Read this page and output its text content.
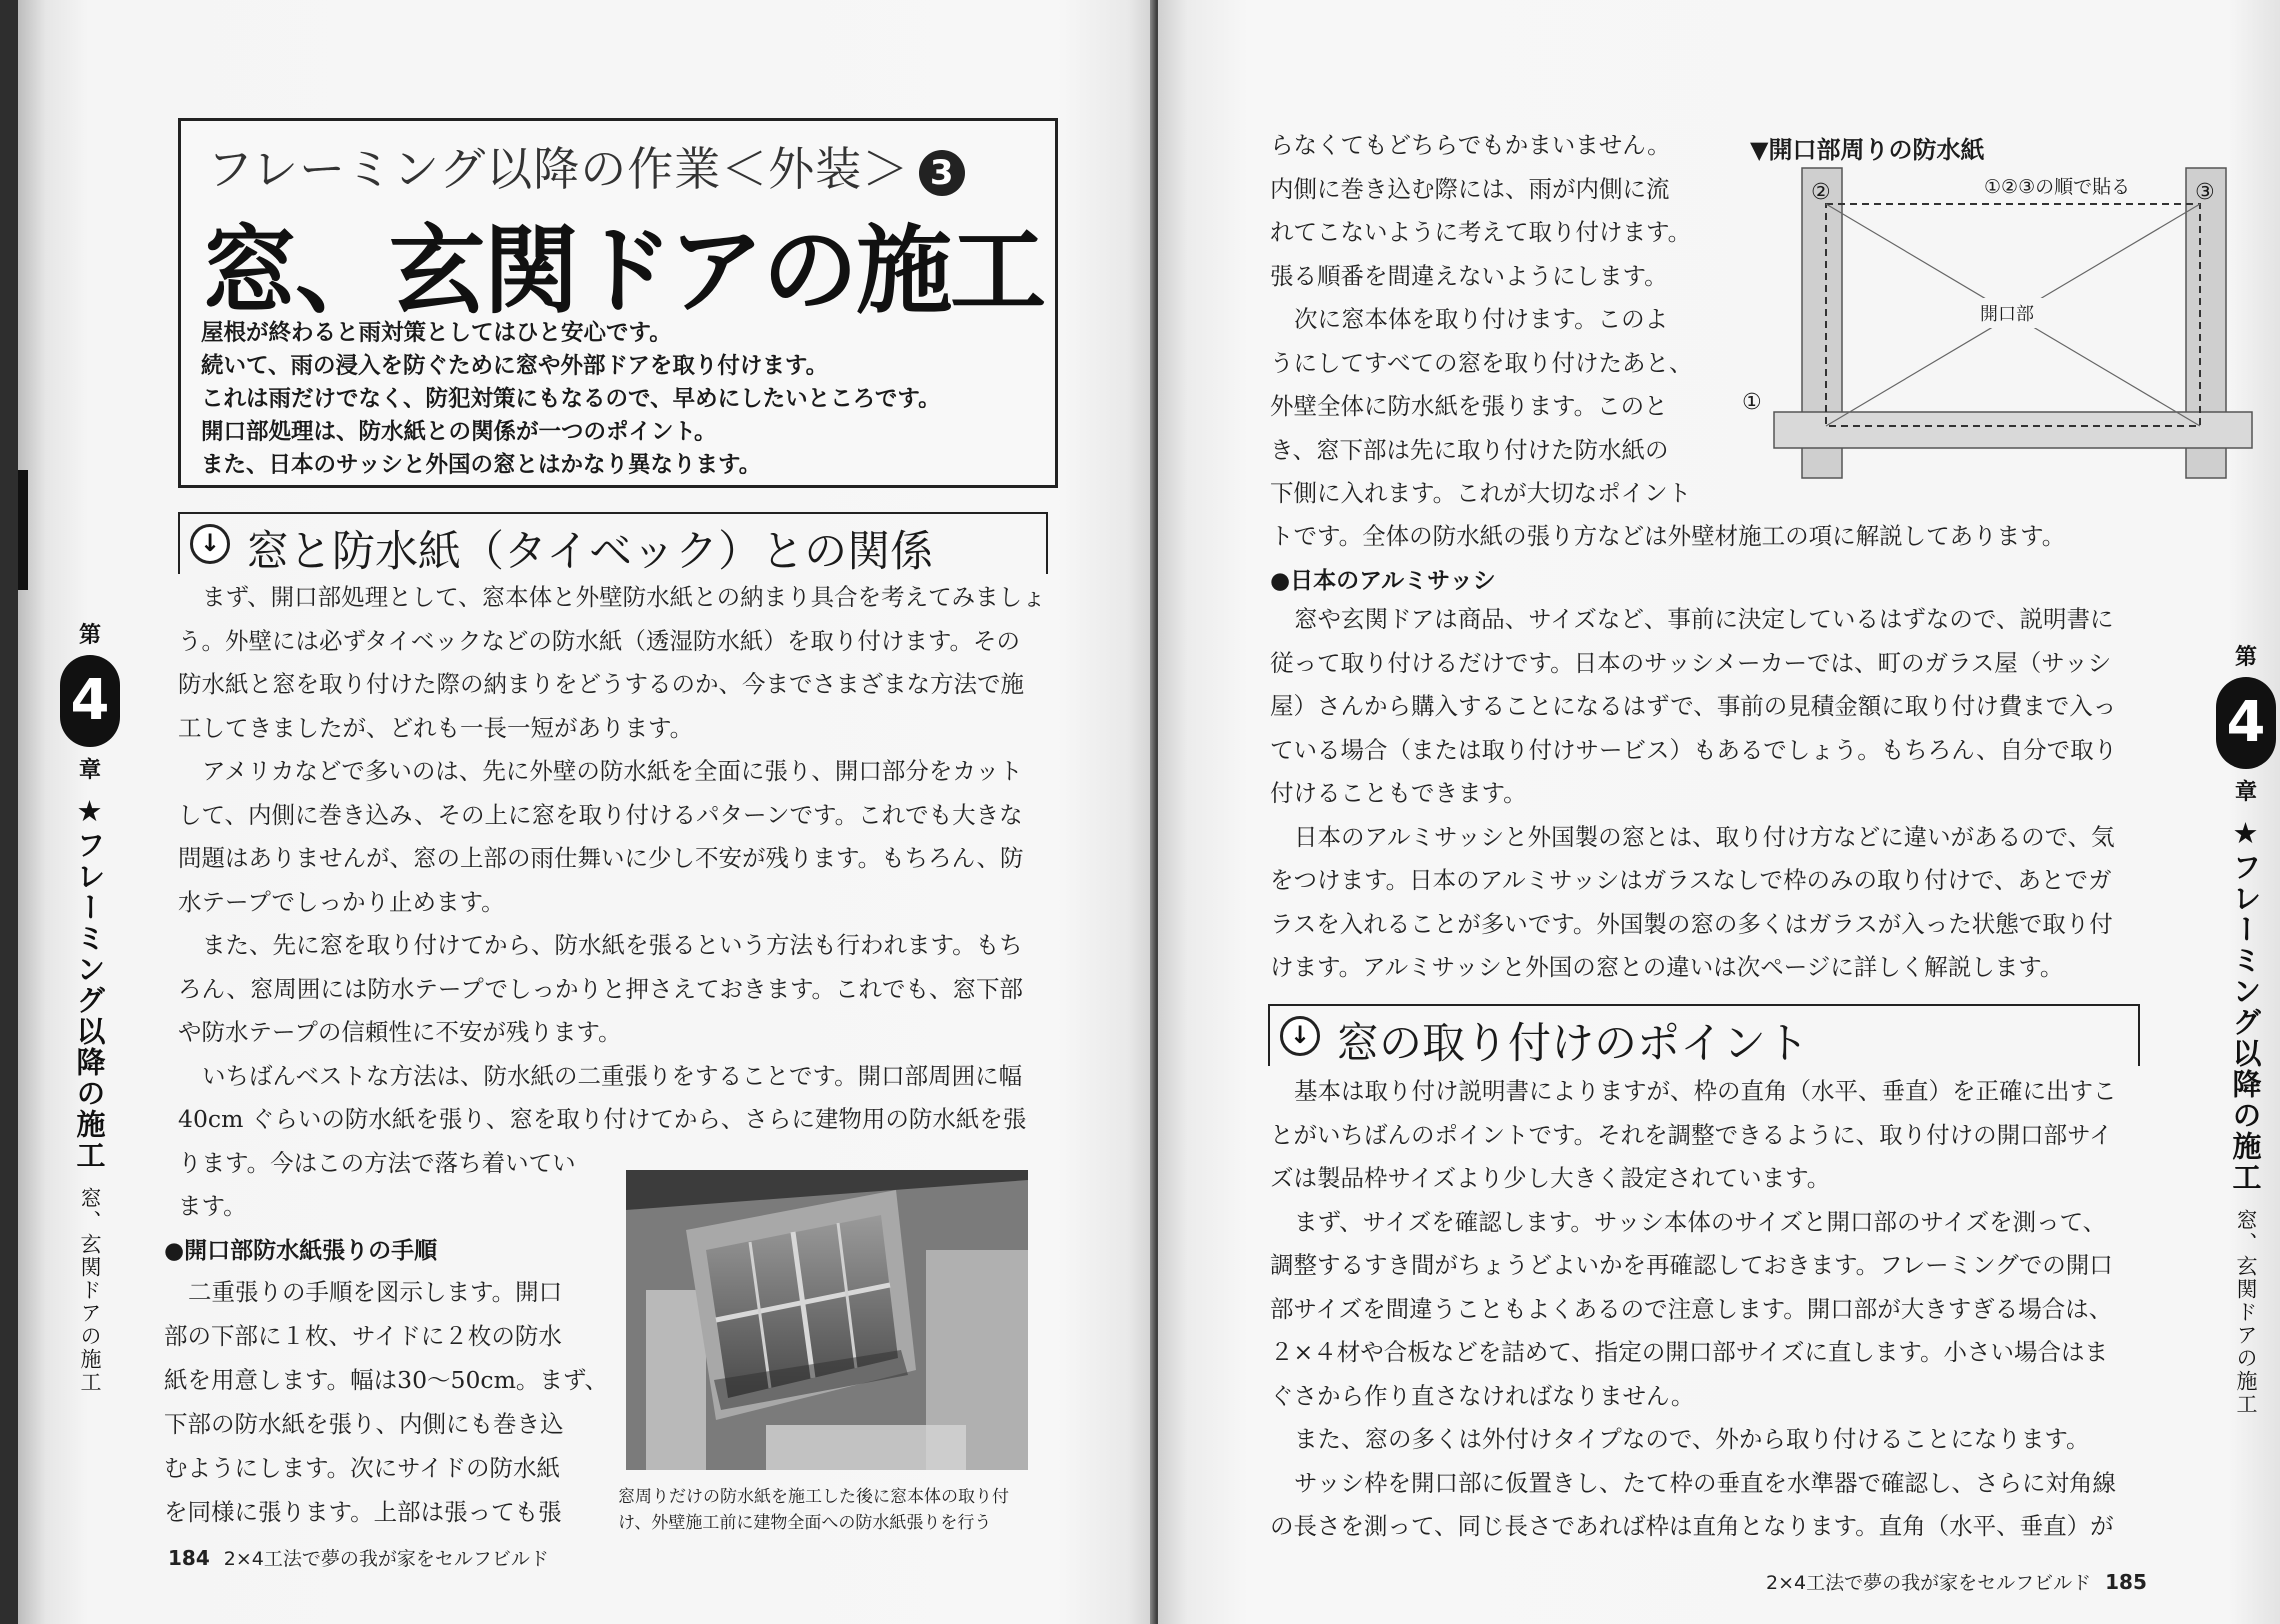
フレーミング以降の作業＜外装＞ 3
窓、玄関ドアの施工
屋根が終わると雨対策としてはひと安心です。
続いて、雨の浸入を防ぐために窓や外部ドアを取り付けます。
これは雨だけでなく、防犯対策にもなるので、早めにしたいところです。
開口部処理は、防水紙との関係が一つのポイント。
また、日本のサッシと外国の窓とはかなり異なります。
↓ 窓と防水紙（タイベック）との関係
まず、開口部処理として、窓本体と外壁防水紙との納まり具合を考えてみましょ
う。外壁には必ずタイベックなどの防水紙（透湿防水紙）を取り付けます。その
防水紙と窓を取り付けた際の納まりをどうするのか、今までさまざまな方法で施
工してきましたが、どれも一長一短があります。
アメリカなどで多いのは、先に外壁の防水紙を全面に張り、開口部分をカット
して、内側に巻き込み、その上に窓を取り付けるパターンです。これでも大きな
問題はありませんが、窓の上部の雨仕舞いに少し不安が残ります。もちろん、防
水テープでしっかり止めます。
また、先に窓を取り付けてから、防水紙を張るという方法も行われます。もち
ろん、窓周囲には防水テープでしっかりと押さえておきます。これでも、窓下部
や防水テープの信頼性に不安が残ります。
いちばんベストな方法は、防水紙の二重張りをすることです。開口部周囲に幅
40cm ぐらいの防水紙を張り、窓を取り付けてから、さらに建物用の防水紙を張
ります。今はこの方法で落ち着いてい
ます。
●開口部防水紙張りの手順
二重張りの手順を図示します。開口
部の下部に１枚、サイドに２枚の防水
紙を用意します。幅は30～50cm。まず、
下部の防水紙を張り、内側にも巻き込
むようにします。次にサイドの防水紙
を同様に張ります。上部は張っても張
窓周りだけの防水紙を施工した後に窓本体の取り付
け、外壁施工前に建物全面への防水紙張りを行う
184 2×4工法で夢の我が家をセルフビルド
第
4
章
★フレーミング以降の施工
窓、玄関ドアの施工
らなくてもどちらでもかまいません。
内側に巻き込む際には、雨が内側に流
れてこないように考えて取り付けます。
張る順番を間違えないようにします。
次に窓本体を取り付けます。このよ
うにしてすべての窓を取り付けたあと、
外壁全体に防水紙を張ります。このと
き、窓下部は先に取り付けた防水紙の
下側に入れます。これが大切なポイント
トです。全体の防水紙の張り方などは外壁材施工の項に解説してあります。
▼開口部周りの防水紙
①②③の順で貼る
開口部
②	③
①
●日本のアルミサッシ
窓や玄関ドアは商品、サイズなど、事前に決定しているはずなので、説明書に
従って取り付けるだけです。日本のサッシメーカーでは、町のガラス屋（サッシ
屋）さんから購入することになるはずで、事前の見積金額に取り付け費まで入っ
ている場合（または取り付けサービス）もあるでしょう。もちろん、自分で取り
付けることもできます。
日本のアルミサッシと外国製の窓とは、取り付け方などに違いがあるので、気
をつけます。日本のアルミサッシはガラスなしで枠のみの取り付けで、あとでガ
ラスを入れることが多いです。外国製の窓の多くはガラスが入った状態で取り付
けます。アルミサッシと外国の窓との違いは次ページに詳しく解説します。
↓ 窓の取り付けのポイント
基本は取り付け説明書によりますが、枠の直角（水平、垂直）を正確に出すこ
とがいちばんのポイントです。それを調整できるように、取り付けの開口部サイ
ズは製品枠サイズより少し大きく設定されています。
まず、サイズを確認します。サッシ本体のサイズと開口部のサイズを測って、
調整するすき間がちょうどよいかを再確認しておきます。フレーミングでの開口
部サイズを間違うこともよくあるので注意します。開口部が大きすぎる場合は、
２×４材や合板などを詰めて、指定の開口部サイズに直します。小さい場合はま
ぐさから作り直さなければなりません。
また、窓の多くは外付けタイプなので、外から取り付けることになります。
サッシ枠を開口部に仮置きし、たて枠の垂直を水準器で確認し、さらに対角線
の長さを測って、同じ長さであれば枠は直角となります。直角（水平、垂直）が
2×4工法で夢の我が家をセルフビルド 185
第
4
章
★フレーミング以降の施工
窓、玄関ドアの施工
